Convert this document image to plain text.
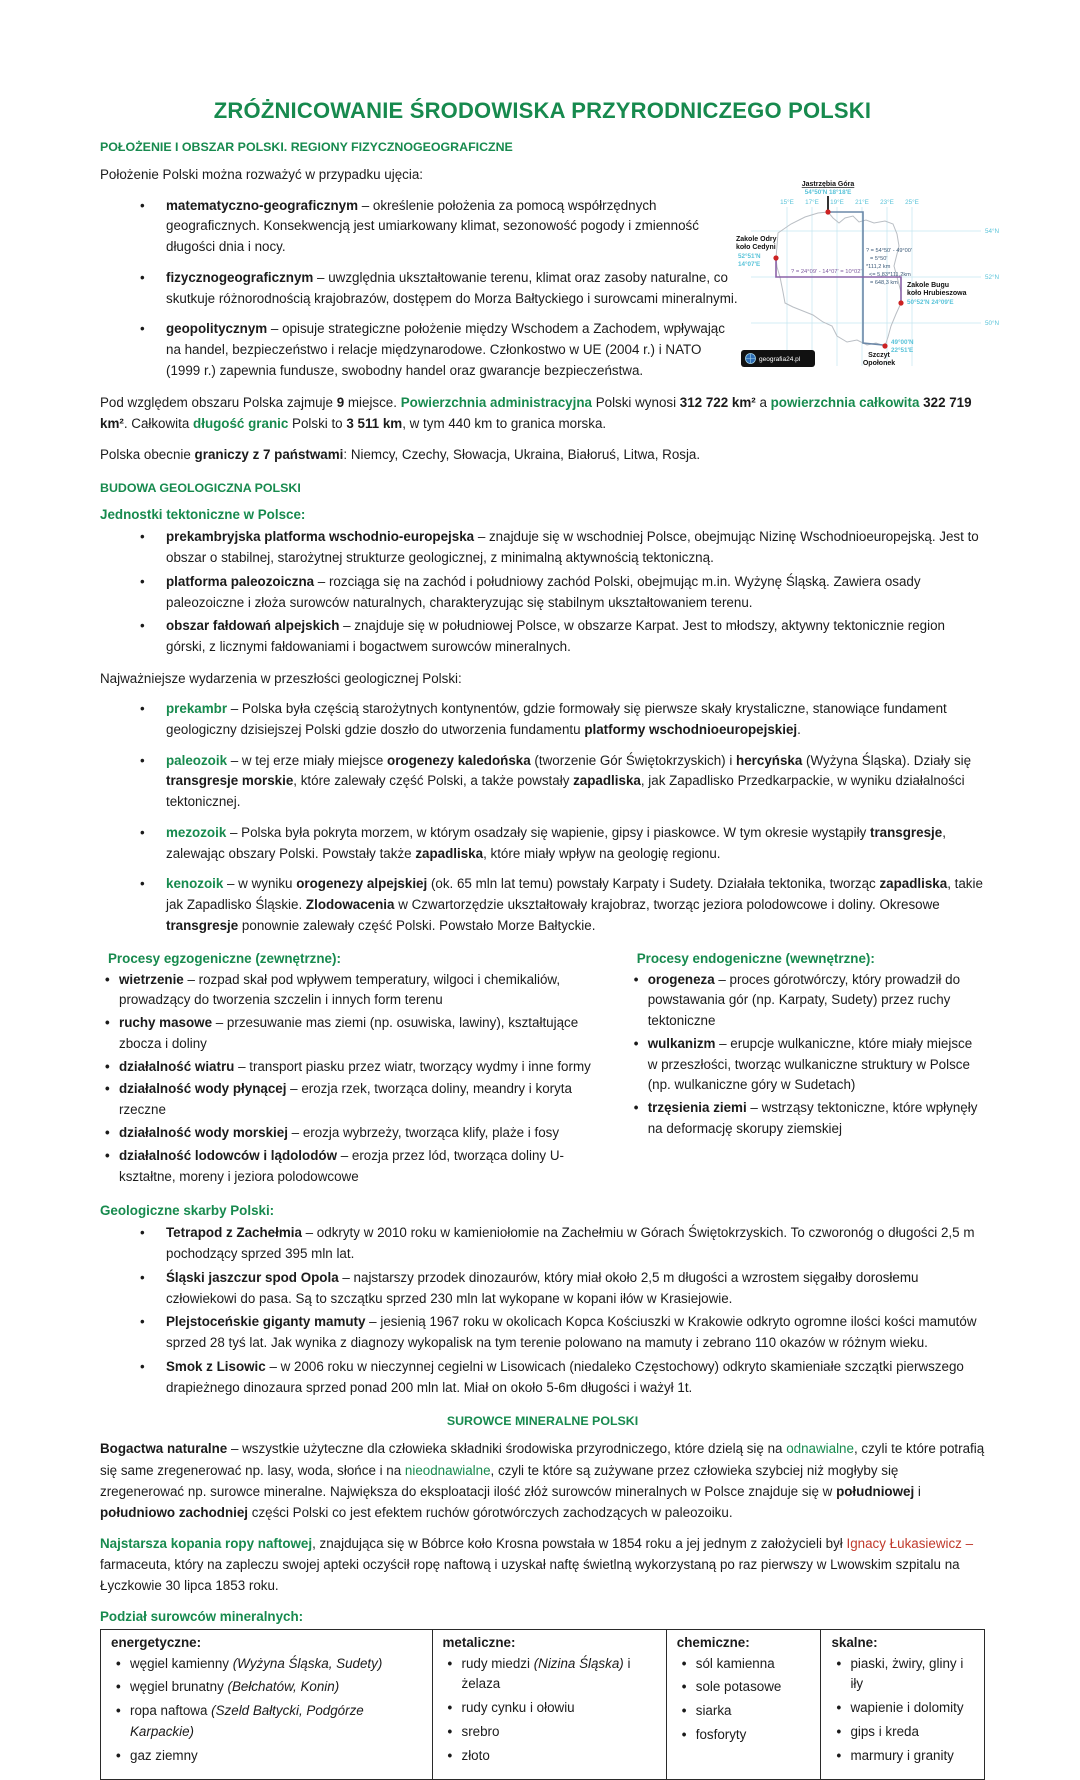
ZRÓŻNICOWANIE ŚRODOWISKA PRZYRODNICZEGO POLSKI
POŁOŻENIE I OBSZAR POLSKI. REGIONY FIZYCZNOGEOGRAFICZNE

Położenie Polski można rozważyć w przypadku ujęcia:

• matematyczno-geograficznym – określenie położenia za pomocą współrzędnych geograficznych. Konsekwencją jest umiarkowany klimat, sezonowość pogody i zmienność długości dnia i nocy.
• fizycznogeograficznym – uwzględnia ukształtowanie terenu, klimat oraz zasoby naturalne, co skutkuje różnorodnością krajobrazów, dostępem do Morza Bałtyckiego i surowcami mineralnymi.
• geopolitycznym – opisuje strategiczne położenie między Wschodem a Zachodem, wpływając na handel, bezpieczeństwo i relacje międzynarodowe. Członkostwo w UE (2004 r.) i NATO (1999 r.) zapewnia fundusze, swobodny handel oraz gwarancje bezpieczeństwa.
15°E 17°E 19°E 21°E 23°E 25°E
54°N
52°N
50°N
Jastrzębia Góra
54°50'N 18°18'E
Zakole Odry
koło Cedyni
52°51'N
14°07'E
Zakole Bugu
koło Hrubieszowa
50°52'N 24°09'E
49°00'N
22°51'E
Szczyt
Opołonek
? = 54°50' - 49°00'
= 5°50'
*111,2 km
<= 5,83*111,2km
= 648,3 km
? = 24°09' - 14°07' = 10°02'
geografia24.pl

Pod względem obszaru Polska zajmuje 9 miejsce. Powierzchnia administracyjna Polski wynosi 312 722 km² a powierzchnia całkowita 322 719 km². Całkowita długość granic Polski to 3 511 km, w tym 440 km to granica morska.

Polska obecnie graniczy z 7 państwami: Niemcy, Czechy, Słowacja, Ukraina, Białoruś, Litwa, Rosja.

BUDOWA GEOLOGICZNA POLSKI
Jednostki tektoniczne w Polsce:
• prekambryjska platforma wschodnio-europejska – znajduje się w wschodniej Polsce, obejmując Nizinę Wschodnioeuropejską. Jest to obszar o stabilnej, starożytnej strukturze geologicznej, z minimalną aktywnością tektoniczną.
• platforma paleozoiczna – rozciąga się na zachód i południowy zachód Polski, obejmując m.in. Wyżynę Śląską. Zawiera osady paleozoiczne i złoża surowców naturalnych, charakteryzując się stabilnym ukształtowaniem terenu.
• obszar fałdowań alpejskich – znajduje się w południowej Polsce, w obszarze Karpat. Jest to młodszy, aktywny tektonicznie region górski, z licznymi fałdowaniami i bogactwem surowców mineralnych.

Najważniejsze wydarzenia w przeszłości geologicznej Polski:

• prekambr – Polska była częścią starożytnych kontynentów, gdzie formowały się pierwsze skały krystaliczne, stanowiące fundament geologiczny dzisiejszej Polski gdzie doszło do utworzenia fundamentu platformy wschodnioeuropejskiej.
• paleozoik – w tej erze miały miejsce orogenezy kaledońska (tworzenie Gór Świętokrzyskich) i hercyńska (Wyżyna Śląska). Działy się transgresje morskie, które zalewały część Polski, a także powstały zapadliska, jak Zapadlisko Przedkarpackie, w wyniku działalności tektonicznej.
• mezozoik – Polska była pokryta morzem, w którym osadzały się wapienie, gipsy i piaskowce. W tym okresie wystąpiły transgresje, zalewając obszary Polski. Powstały także zapadliska, które miały wpływ na geologię regionu.
• kenozoik – w wyniku orogenezy alpejskiej (ok. 65 mln lat temu) powstały Karpaty i Sudety. Działała tektonika, tworząc zapadliska, takie jak Zapadlisko Śląskie. Zlodowacenia w Czwartorzędzie ukształtowały krajobraz, tworząc jeziora polodowcowe i doliny. Okresowe transgresje ponownie zalewały część Polski. Powstało Morze Bałtyckie.
Procesy egzogeniczne (zewnętrzne):
• wietrzenie – rozpad skał pod wpływem temperatury, wilgoci i chemikaliów, prowadzący do tworzenia szczelin i innych form terenu
• ruchy masowe – przesuwanie mas ziemi (np. osuwiska, lawiny), kształtujące zbocza i doliny
• działalność wiatru – transport piasku przez wiatr, tworzący wydmy i inne formy
• działalność wody płynącej – erozja rzek, tworząca doliny, meandry i koryta rzeczne
• działalność wody morskiej – erozja wybrzeży, tworząca klify, plaże i fosy
• działalność lodowców i lądolodów – erozja przez lód, tworząca doliny U-kształtne, moreny i jeziora polodowcowe
Procesy endogeniczne (wewnętrzne):
• orogeneza – proces górotwórczy, który prowadził do powstawania gór (np. Karpaty, Sudety) przez ruchy tektoniczne
• wulkanizm – erupcje wulkaniczne, które miały miejsce w przeszłości, tworząc wulkaniczne struktury w Polsce (np. wulkaniczne góry w Sudetach)
• trzęsienia ziemi – wstrząsy tektoniczne, które wpłynęły na deformację skorupy ziemskiej
Geologiczne skarby Polski:
• Tetrapod z Zachełmia – odkryty w 2010 roku w kamieniołomie na Zachełmiu w Górach Świętokrzyskich. To czworonóg o długości 2,5 m pochodzący sprzed 395 mln lat.
• Śląski jaszczur spod Opola – najstarszy przodek dinozaurów, który miał około 2,5 m długości a wzrostem sięgałby dorosłemu człowiekowi do pasa. Są to szczątku sprzed 230 mln lat wykopane w kopani iłów w Krasiejowie.
• Plejstoceńskie giganty mamuty – jesienią 1967 roku w okolicach Kopca Kościuszki w Krakowie odkryto ogromne ilości kości mamutów sprzed 28 tyś lat. Jak wynika z diagnozy wykopalisk na tym terenie polowano na mamuty i zebrano 110 okazów w różnym wieku.
• Smok z Lisowic – w 2006 roku w nieczynnej cegielni w Lisowicach (niedaleko Częstochowy) odkryto skamieniałe szczątki pierwszego drapieżnego dinozaura sprzed ponad 200 mln lat. Miał on około 5-6m długości i ważył 1t.
SUROWCE MINERALNE POLSKI

Bogactwa naturalne – wszystkie użyteczne dla człowieka składniki środowiska przyrodniczego, które dzielą się na odnawialne, czyli te które potrafią się same zregenerować np. lasy, woda, słońce i na nieodnawialne, czyli te które są zużywane przez człowieka szybciej niż mogłyby się zregenerować np. surowce mineralne. Największa do eksploatacji ilość złóż surowców mineralnych w Polsce znajduje się w południowej i południowo zachodniej części Polski co jest efektem ruchów górotwórczych zachodzących w paleozoiku.

Najstarsza kopania ropy naftowej, znajdująca się w Bóbrce koło Krosna powstała w 1854 roku a jej jednym z założycieli był Ignacy Łukasiewicz – farmaceuta, który na zapleczu swojej apteki oczyścił ropę naftową i uzyskał naftę świetlną wykorzystaną po raz pierwszy w Lwowskim szpitalu na Łyczkowie 30 lipca 1853 roku.

Podział surowców mineralnych:
energetyczne:
• węgiel kamienny (Wyżyna Śląska, Sudety)
• węgiel brunatny (Bełchatów, Konin)
• ropa naftowa (Szeld Bałtycki, Podgórze Karpackie)
• gaz ziemny

metaliczne:
• rudy miedzi (Nizina Śląska) i żelaza
• rudy cynku i ołowiu
• srebro
• złoto

chemiczne:
• sól kamienna
• sole potasowe
• siarka
• fosforyty

skalne:
• piaski, żwiry, gliny i iły
• wapienie i dolomity
• gips i kreda
• marmury i granity
